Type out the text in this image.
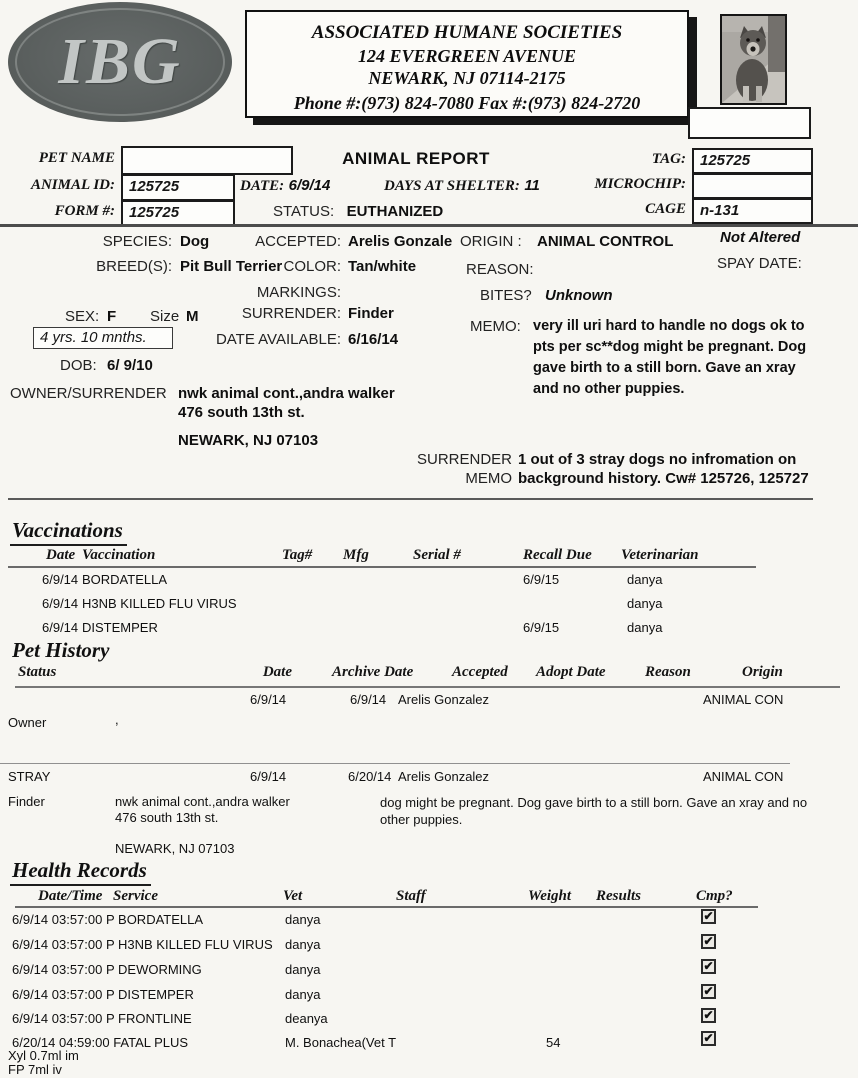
IBG	ASSOCIATED HUMANE SOCIETIES
124 EVERGREEN AVENUE
NEWARK, NJ 07114-2175
Phone #:(973) 824-7080 Fax #:(973) 824-2720
PET NAME	ANIMAL REPORT	TAG: 125725
ANIMAL ID: 125725	DATE: 6/9/14	DAYS AT SHELTER: 11	MICROCHIP:
FORM #: 125725	STATUS: EUTHANIZED	CAGE n-131
SPECIES: Dog
BREED(S): Pit Bull Terrier
ACCEPTED: Arelis Gonzale
COLOR: Tan/white
MARKINGS:
SURRENDER: Finder
DATE AVAILABLE: 6/16/14
ORIGIN : ANIMAL CONTROL	Not Altered
REASON:	SPAY DATE:
BITES? Unknown
MEMO: very ill uri hard to handle no dogs ok to pts per sc**dog might be pregnant. Dog gave birth to a still born. Gave an xray and no other puppies.
SEX: F Size M
4 yrs. 10 mnths.
DOB: 6/ 9/10
OWNER/SURRENDER nwk animal cont.,andra walker
476 south 13th st.
NEWARK, NJ 07103
SURRENDER 1 out of 3 stray dogs no infromation on
MEMO background history. Cw# 125726, 125727
Vaccinations
Date Vaccination	Tag# Mfg	Serial #	Recall Due Veterinarian
6/9/14 BORDATELLA	6/9/15	danya
6/9/14 H3NB KILLED FLU VIRUS	danya
6/9/14 DISTEMPER	6/9/15	danya
Pet History
Status	Date	Archive Date	Accepted Adopt Date	Reason	Origin
6/9/14	6/9/14 Arelis Gonzalez	ANIMAL CON
Owner	,
STRAY	6/9/14	6/20/14 Arelis Gonzalez	ANIMAL CON
Finder	nwk animal cont.,andra walker
476 south 13th st.
NEWARK, NJ 07103
dog might be pregnant. Dog gave birth to a still born. Gave an xray and no other puppies.
Health Records
Date/Time Service	Vet	Staff	Weight Results	Cmp?
6/9/14 03:57:00 P BORDATELLA	danya	✔
6/9/14 03:57:00 P H3NB KILLED FLU VIRUS danya	✔
6/9/14 03:57:00 P DEWORMING	danya	✔
6/9/14 03:57:00 P DISTEMPER	danya	✔
6/9/14 03:57:00 P FRONTLINE	deanya	✔
6/20/14 04:59:00 FATAL PLUS	M. Bonachea(Vet T	54	✔
Xyl 0.7ml im
FP 7ml iv
